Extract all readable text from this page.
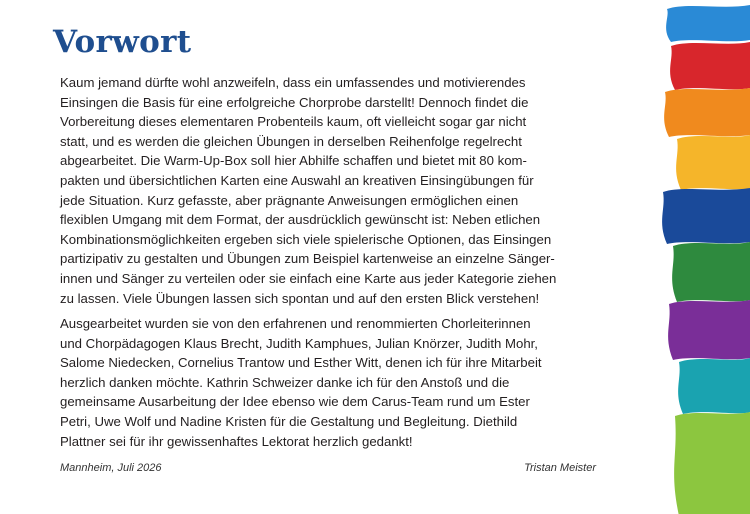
Vorwort

Kaum jemand dürfte wohl anzweifeln, dass ein umfassendes und motivierendes
Einsingen die Basis für eine erfolgreiche Chorprobe darstellt! Dennoch findet die
Vorbereitung dieses elementaren Probenteils kaum, oft vielleicht sogar gar nicht
statt, und es werden die gleichen Übungen in derselben Reihenfolge regelrecht
abgearbeitet. Die Warm-Up-Box soll hier Abhilfe schaffen und bietet mit 80 kom-
pakten und übersichtlichen Karten eine Auswahl an kreativen Einsingübungen für
jede Situation. Kurz gefasste, aber prägnante Anweisungen ermöglichen einen
flexiblen Umgang mit dem Format, der ausdrücklich gewünscht ist: Neben etlichen
Kombinationsmöglichkeiten ergeben sich viele spielerische Optionen, das Einsingen
partizipativ zu gestalten und Übungen zum Beispiel kartenweise an einzelne Sänger-
innen und Sänger zu verteilen oder sie einfach eine Karte aus jeder Kategorie ziehen
zu lassen. Viele Übungen lassen sich spontan und auf den ersten Blick verstehen!

Ausgearbeitet wurden sie von den erfahrenen und renommierten Chorleiterinnen
und Chorpädagogen Klaus Brecht, Judith Kamphues, Julian Knörzer, Judith Mohr,
Salome Niedecken, Cornelius Trantow und Esther Witt, denen ich für ihre Mitarbeit
herzlich danken möchte. Kathrin Schweizer danke ich für den Anstoß und die
gemeinsame Ausarbeitung der Idee ebenso wie dem Carus-Team rund um Ester
Petri, Uwe Wolf und Nadine Kristen für die Gestaltung und Begleitung. Diethild
Plattner sei für ihr gewissenhaftes Lektorat herzlich gedankt!

Mannheim, Juli 2026	Tristan Meister
